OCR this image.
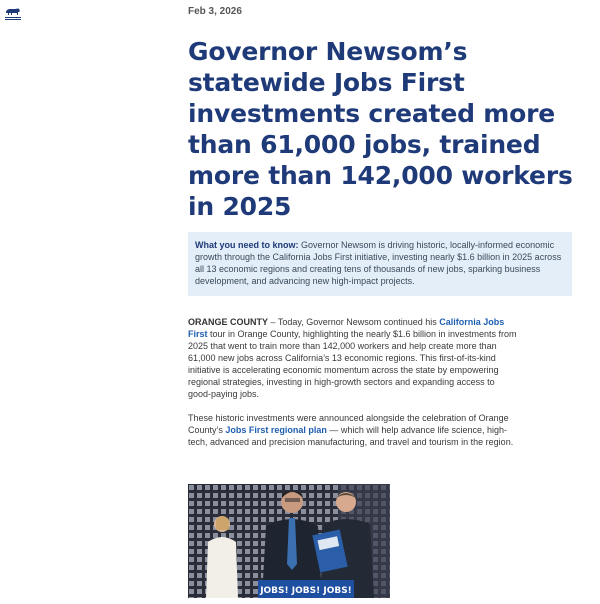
Feb 3, 2026
Governor Newsom’s statewide Jobs First investments created more than 61,000 jobs, trained more than 142,000 workers in 2025
What you need to know: Governor Newsom is driving historic, locally-informed economic growth through the California Jobs First initiative, investing nearly $1.6 billion in 2025 across all 13 economic regions and creating tens of thousands of new jobs, sparking business development, and advancing new high-impact projects.

ORANGE COUNTY – Today, Governor Newsom continued his California Jobs First tour in Orange County, highlighting the nearly $1.6 billion in investments from 2025 that went to train more than 142,000 workers and help create more than 61,000 new jobs across California’s 13 economic regions. This first-of-its-kind initiative is accelerating economic momentum across the state by empowering regional strategies, investing in high-growth sectors and expanding access to good-paying jobs.

These historic investments were announced alongside the celebration of Orange County’s Jobs First regional plan — which will help advance life science, high-tech, advanced and precision manufacturing, and travel and tourism in the region.

JOBS! JOBS! JOBS!
